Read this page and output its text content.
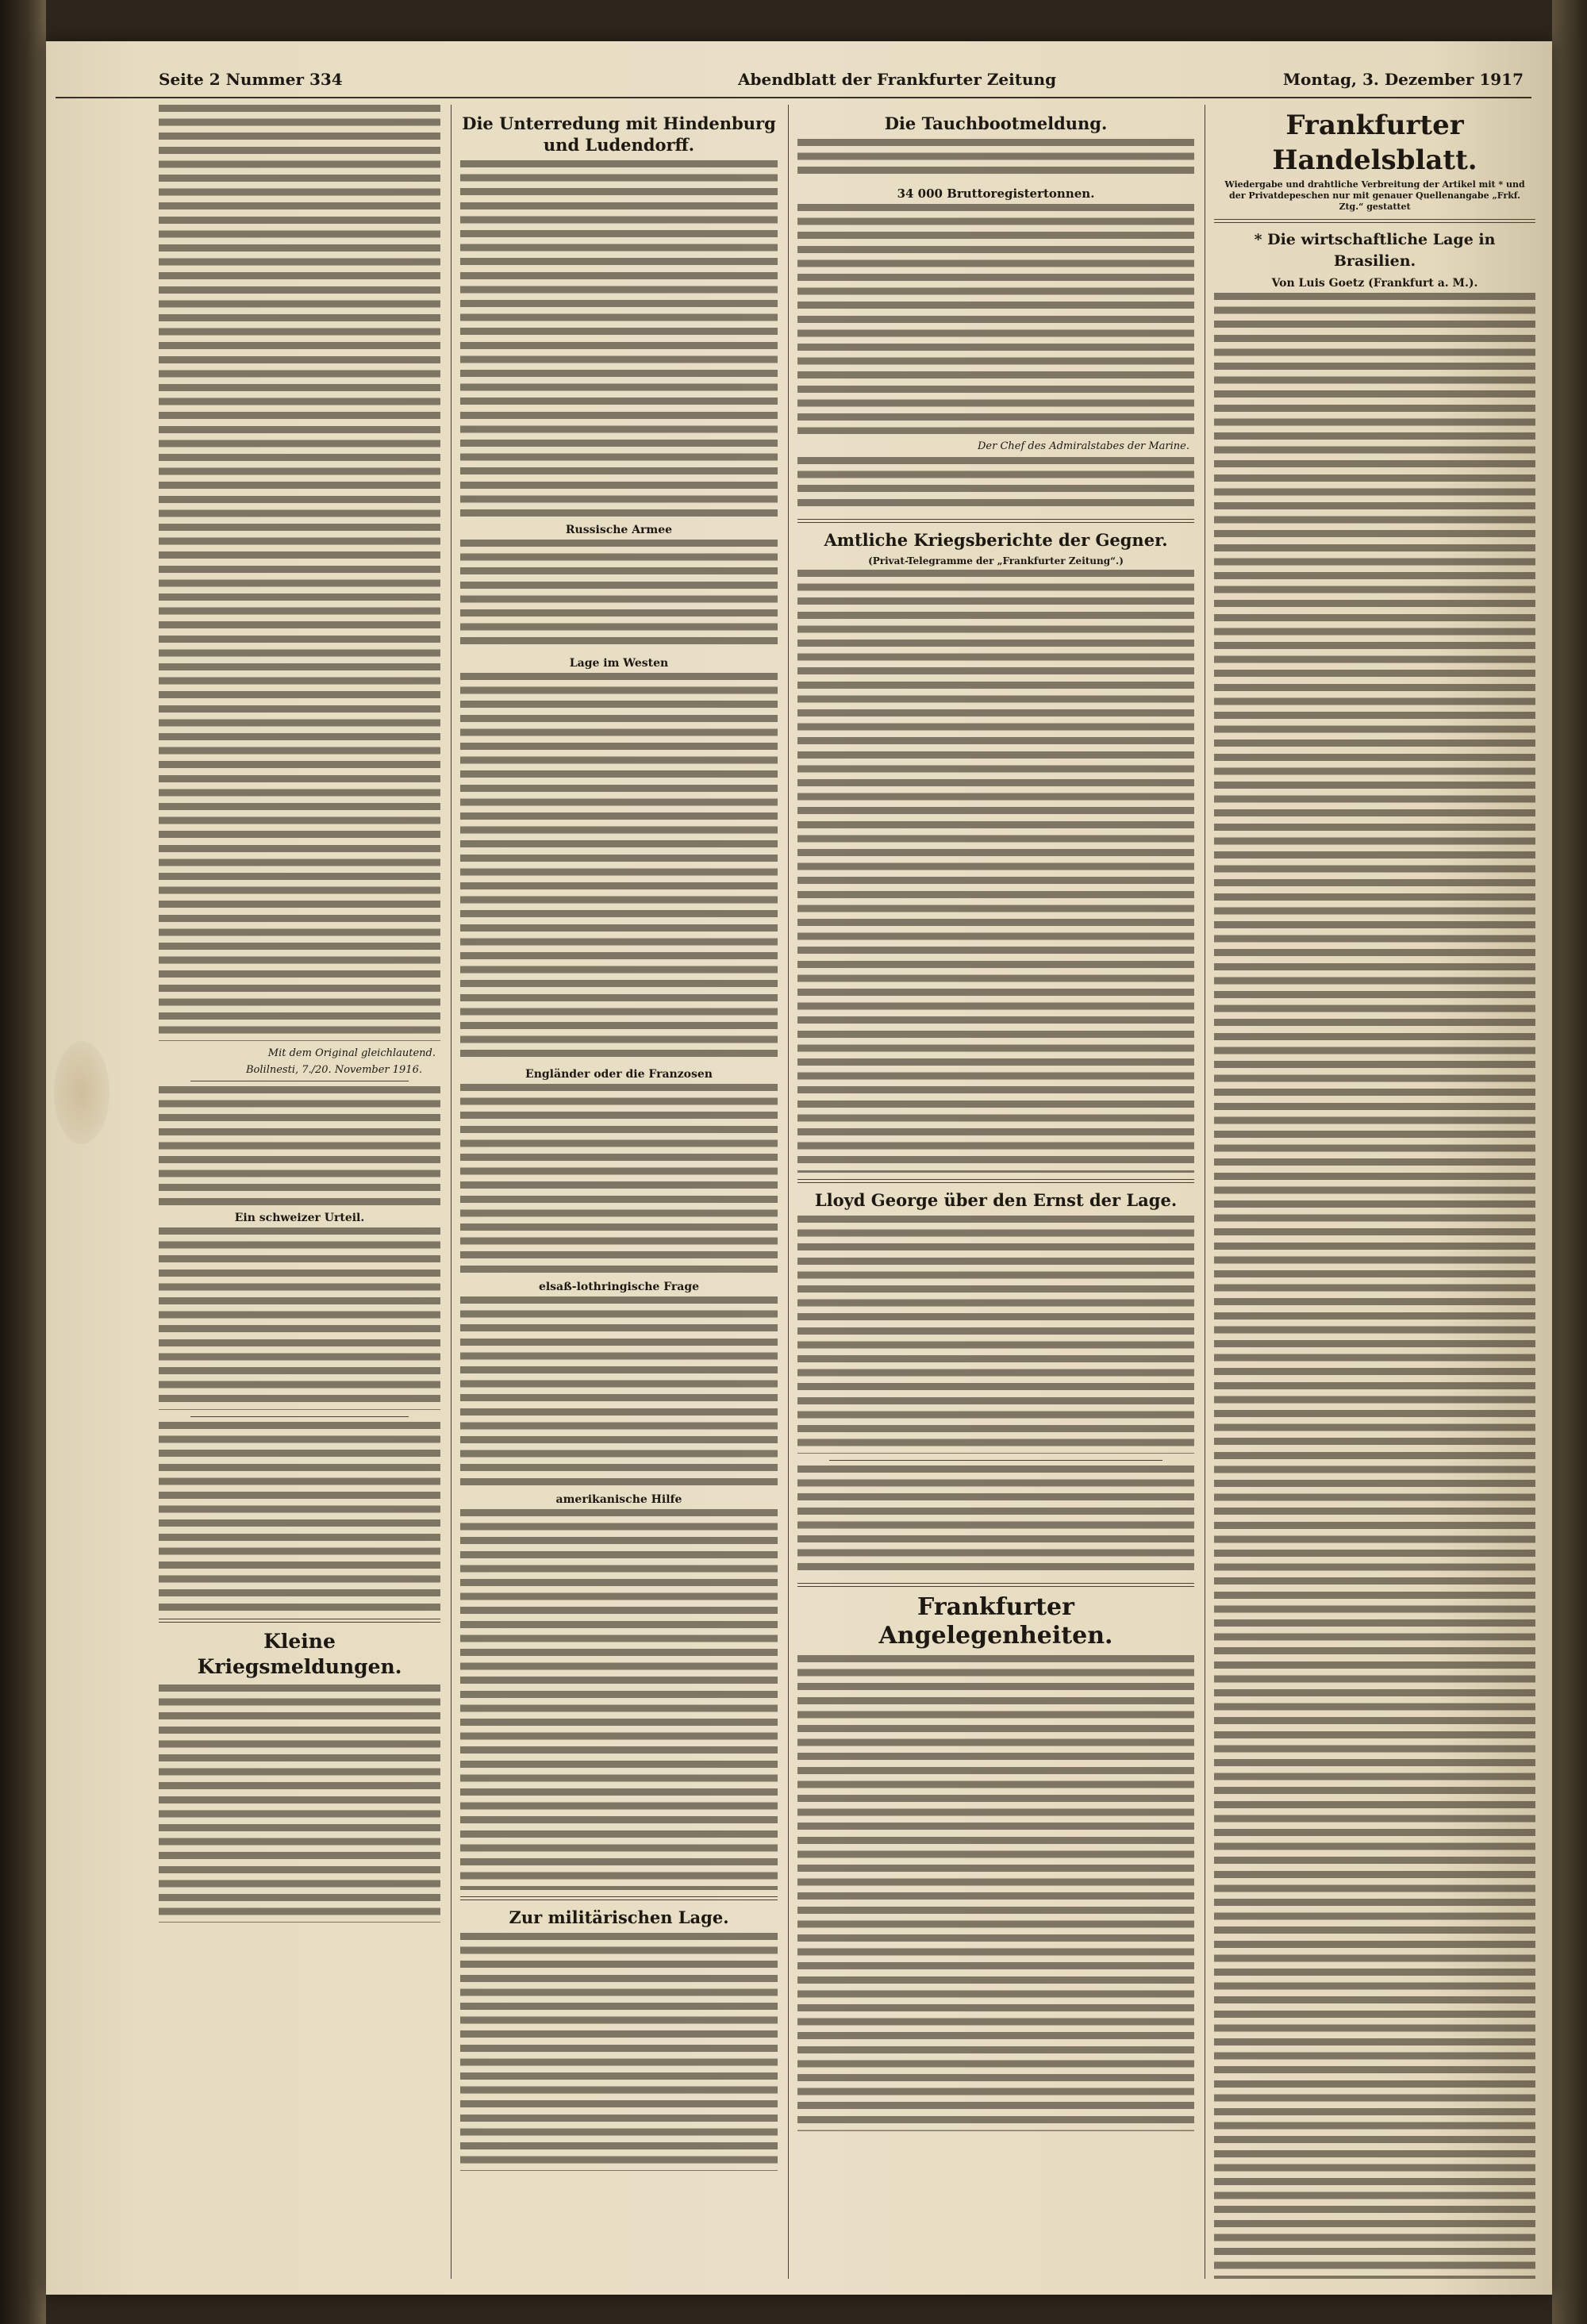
Seite 2 Nummer 334	Abendblatt der Frankfurter Zeitung	Montag, 3. Dezember 1917
Mit dem Original gleichlautend.
Bolilnesti, 7./20. November 1916.
Ein schweizer Urteil.
Kleine Kriegsmeldungen.
Die Unterredung mit Hindenburg und Ludendorff.
Russische Armee
Lage im Westen
Engländer oder die Franzosen
elsaß-lothringische Frage
amerikanische Hilfe
Zur militärischen Lage.
Die Tauchbootmeldung.
34 000 Bruttoregistertonnen.
Der Chef des Admiralstabes der Marine.
Amtliche Kriegsberichte der Gegner.
(Privat-Telegramme der „Frankfurter Zeitung“.)
Lloyd George über den Ernst der Lage.
Frankfurter Angelegenheiten.
Frankfurter Handelsblatt.
Wiedergabe und drahtliche Verbreitung der Artikel mit * und der Privatdepeschen nur mit genauer Quellenangabe „Frkf. Ztg.“ gestattet
* Die wirtschaftliche Lage in Brasilien.
Von Luis Goetz (Frankfurt a. M.).
